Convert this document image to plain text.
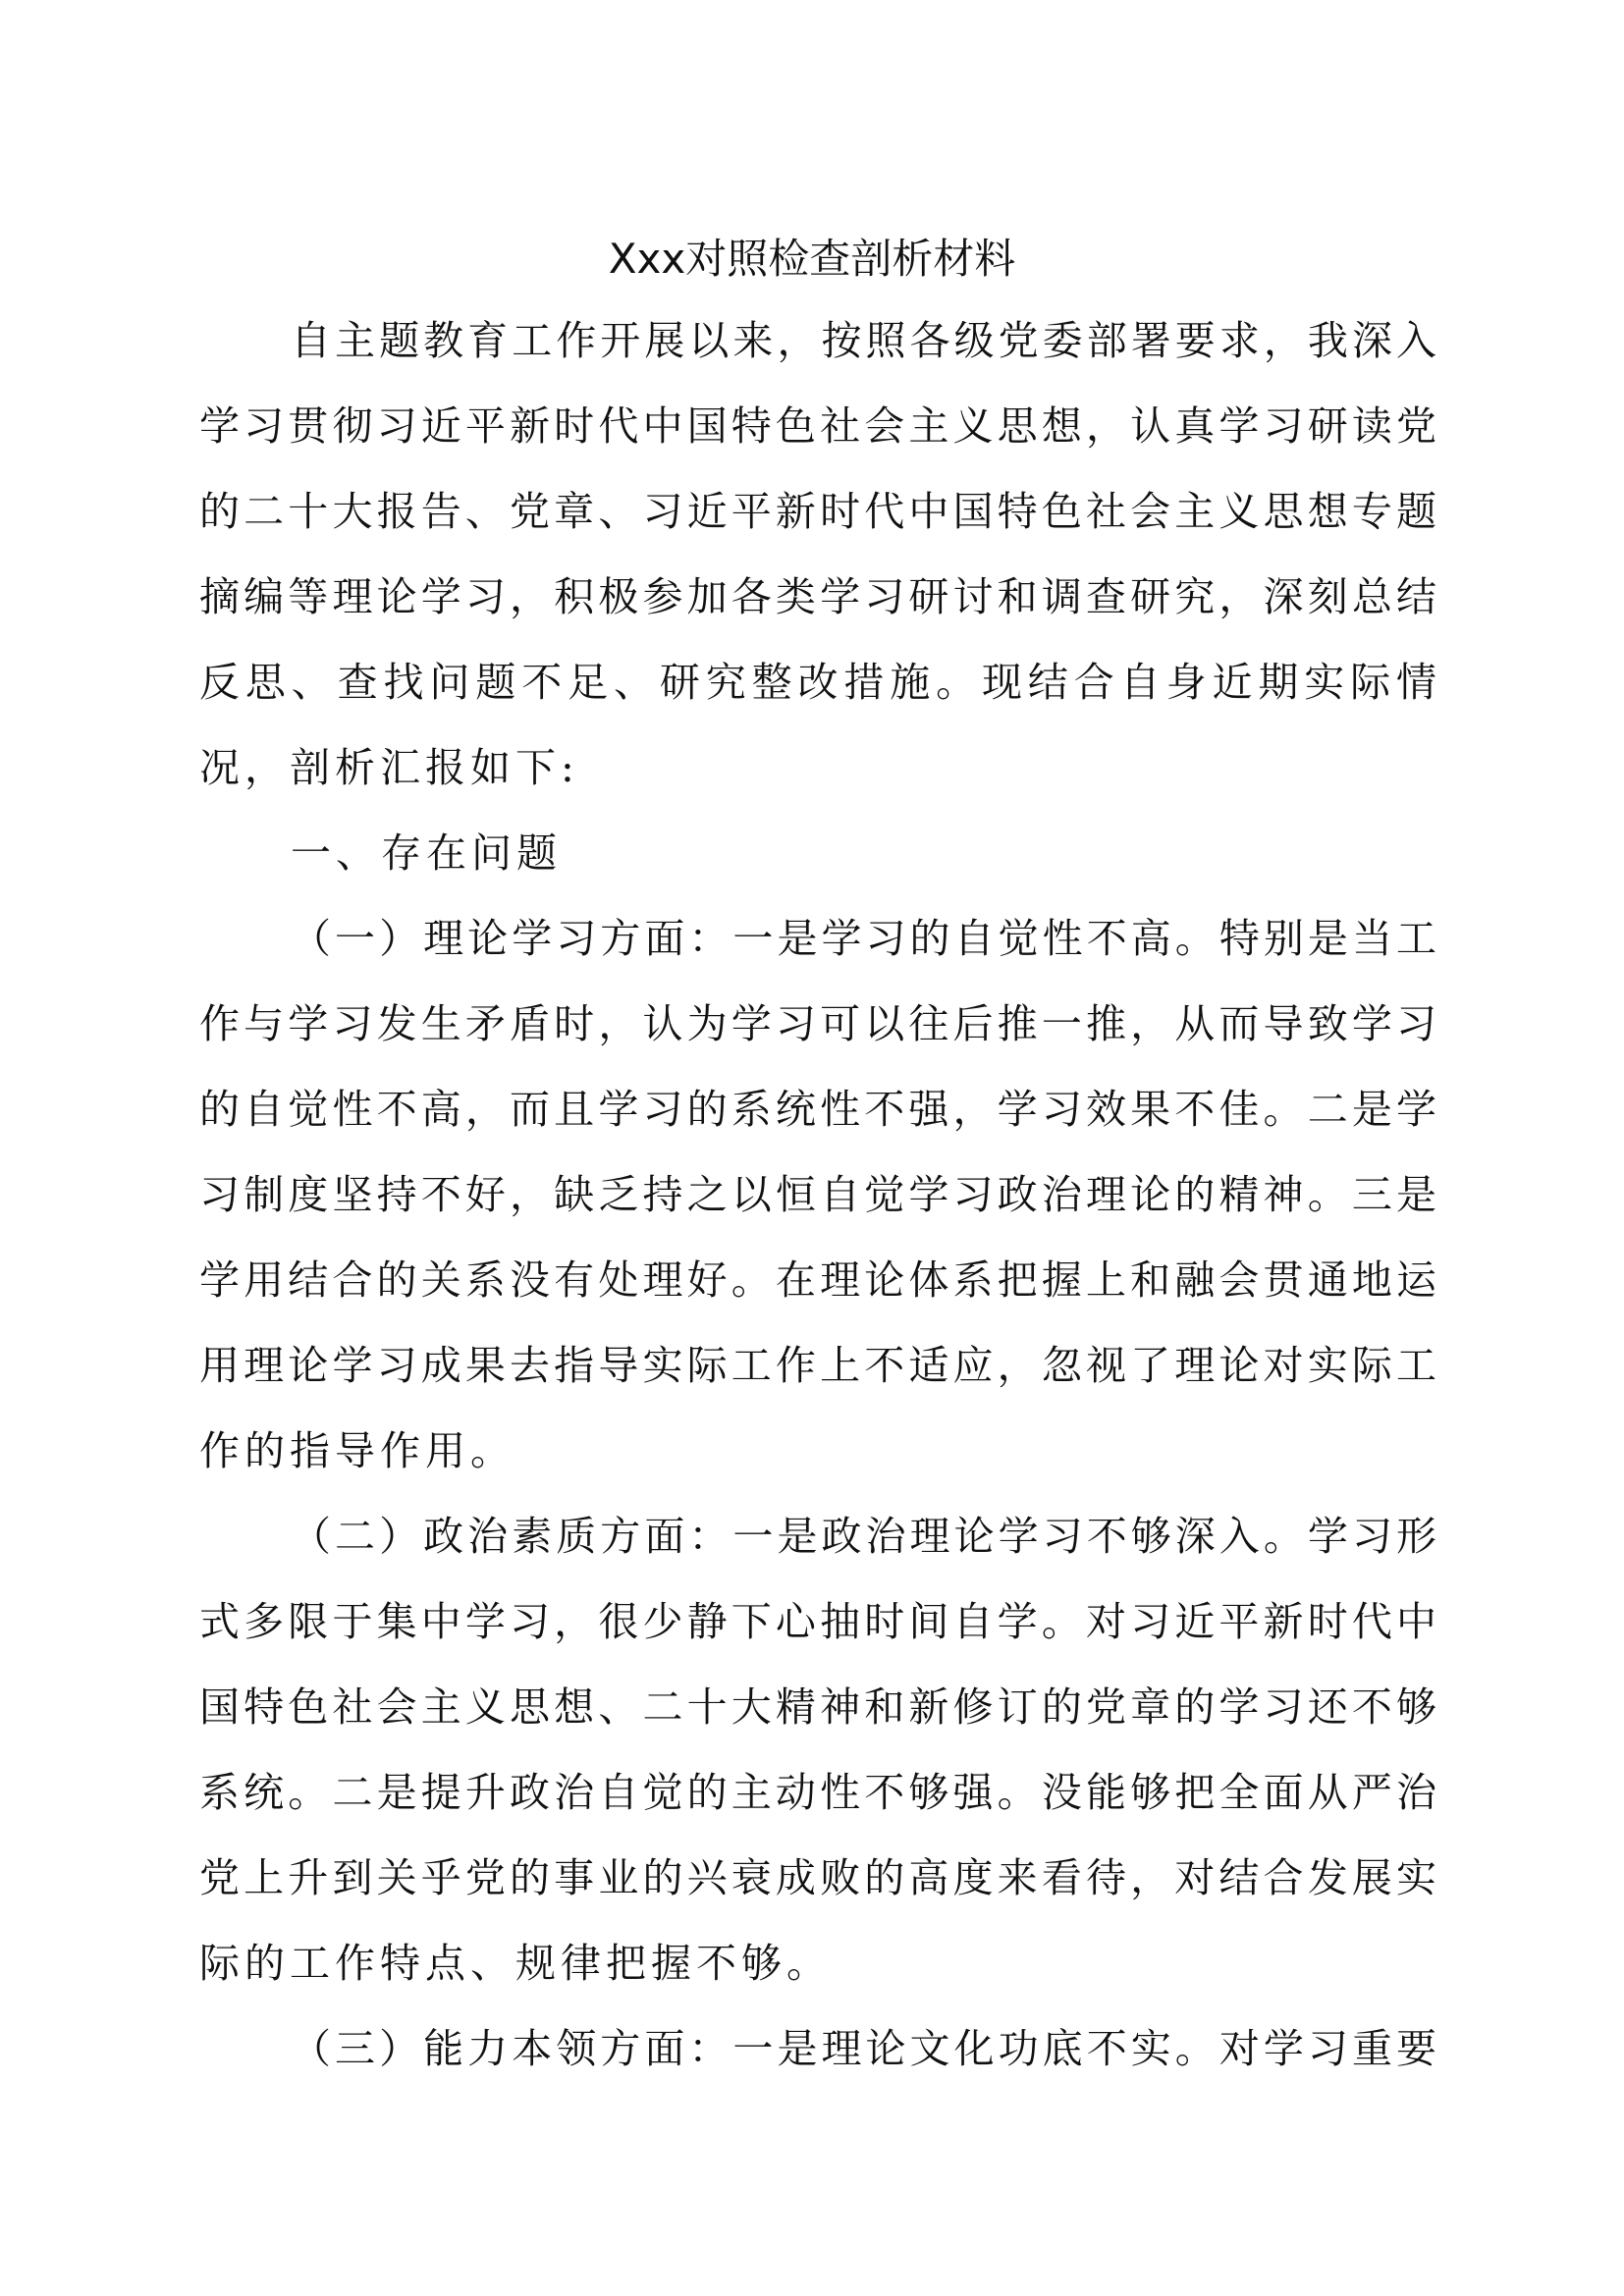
Xxx对照检查剖析材料
自主题教育工作开展以来，按照各级党委部署要求，我深入
学习贯彻习近平新时代中国特色社会主义思想，认真学习研读党
的二十大报告、党章、习近平新时代中国特色社会主义思想专题
摘编等理论学习，积极参加各类学习研讨和调查研究，深刻总结
反思、查找问题不足、研究整改措施。现结合自身近期实际情
况，剖析汇报如下:
一、存在问题
（一）理论学习方面：一是学习的自觉性不高。特别是当工
作与学习发生矛盾时，认为学习可以往后推一推，从而导致学习
的自觉性不高，而且学习的系统性不强，学习效果不佳。二是学
习制度坚持不好，缺乏持之以恒自觉学习政治理论的精神。三是
学用结合的关系没有处理好。在理论体系把握上和融会贯通地运
用理论学习成果去指导实际工作上不适应，忽视了理论对实际工
作的指导作用。
（二）政治素质方面：一是政治理论学习不够深入。学习形
式多限于集中学习，很少静下心抽时间自学。对习近平新时代中
国特色社会主义思想、二十大精神和新修订的党章的学习还不够
系统。二是提升政治自觉的主动性不够强。没能够把全面从严治
党上升到关乎党的事业的兴衰成败的高度来看待，对结合发展实
际的工作特点、规律把握不够。
（三）能力本领方面：一是理论文化功底不实。对学习重要
